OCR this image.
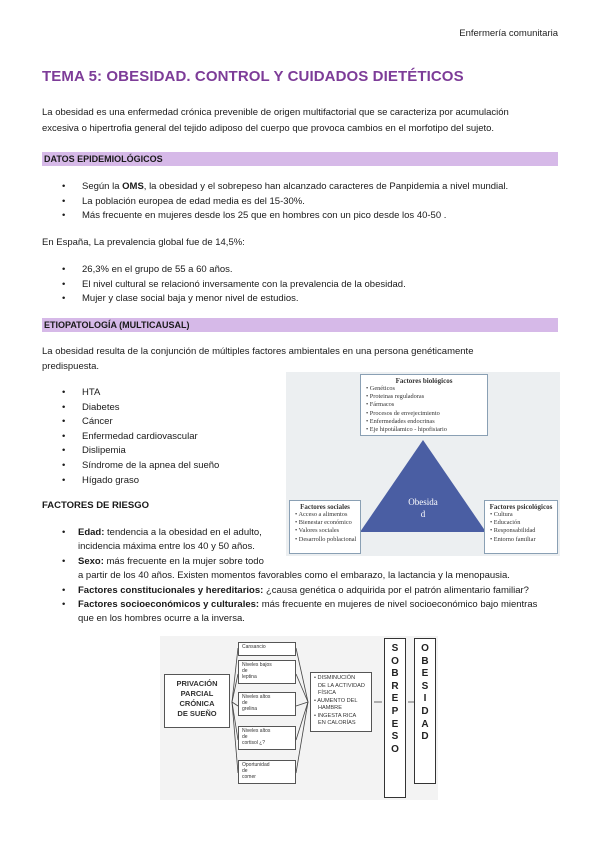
Enfermería comunitaria
TEMA 5: OBESIDAD. CONTROL Y CUIDADOS DIETÉTICOS
La obesidad es una enfermedad crónica prevenible de origen multifactorial que se caracteriza por acumulación
excesiva o hipertrofia general del tejido adiposo del cuerpo que provoca cambios en el morfotipo del sujeto.
DATOS EPIDEMIOLÓGICOS
• Según la OMS, la obesidad y el sobrepeso han alcanzado caracteres de Panpidemia a nivel mundial.
• La población europea de edad media es del 15-30%.
• Más frecuente en mujeres desde los 25 que en hombres con un pico desde los 40-50 .
En España, La prevalencia global fue de 14,5%:
• 26,3% en el grupo de 55 a 60 años.
• El nivel cultural se relacionó inversamente con la prevalencia de la obesidad.
• Mujer y clase social baja y menor nivel de estudios.
ETIOPATOLOGÍA (MULTICAUSAL)
La obesidad resulta de la conjunción de múltiples factores ambientales en una persona genéticamente
predispuesta.
• HTA
• Diabetes
• Cáncer
• Enfermedad cardiovascular
• Dislipemia
• Síndrome de la apnea del sueño
• Hígado graso
Factores biológicos
• Genéticos
• Proteinas reguladoras
• Fármacos
• Procesos de envejecimiento
• Enfermedades endocrinas
• Eje hipotálamico - hipofisiario
Obesida
d
Factores sociales
• Acceso a alimentos
• Bienestar económico
• Valores sociales
• Desarrollo poblacional
Factores psicológicos
• Cultura
• Educación
• Responsabilidad
• Entorno familiar
FACTORES DE RIESGO
• Edad: tendencia a la obesidad en el adulto,
incidencia máxima entre los 40 y 50 años.
• Sexo: más frecuente en la mujer sobre todo
a partir de los 40 años. Existen momentos favorables como el embarazo, la lactancia y la menopausia.
• Factores constitucionales y hereditarios: ¿causa genética o adquirida por el patrón alimentario familiar?
• Factores socioeconómicos y culturales: más frecuente en mujeres de nivel socioeconómico bajo mientras
que en los hombres ocurre a la inversa.
PRIVACIÓN
PARCIAL
CRÓNICA
DE SUEÑO
Cansancio
Niveles bajos
de
leptina
Niveles altos
de
grelina
Niveles altos
de
cortisol ¿?
Oportunidad
de
comer
• DISMINUCIÓN
DE LA ACTIVIDAD
FÍSICA
• AUMENTO DEL
HAMBRE
• INGESTA RICA
EN CALORÍAS
S
O
B
R
E
P
E
S
O
O
B
E
S
I
D
A
D
